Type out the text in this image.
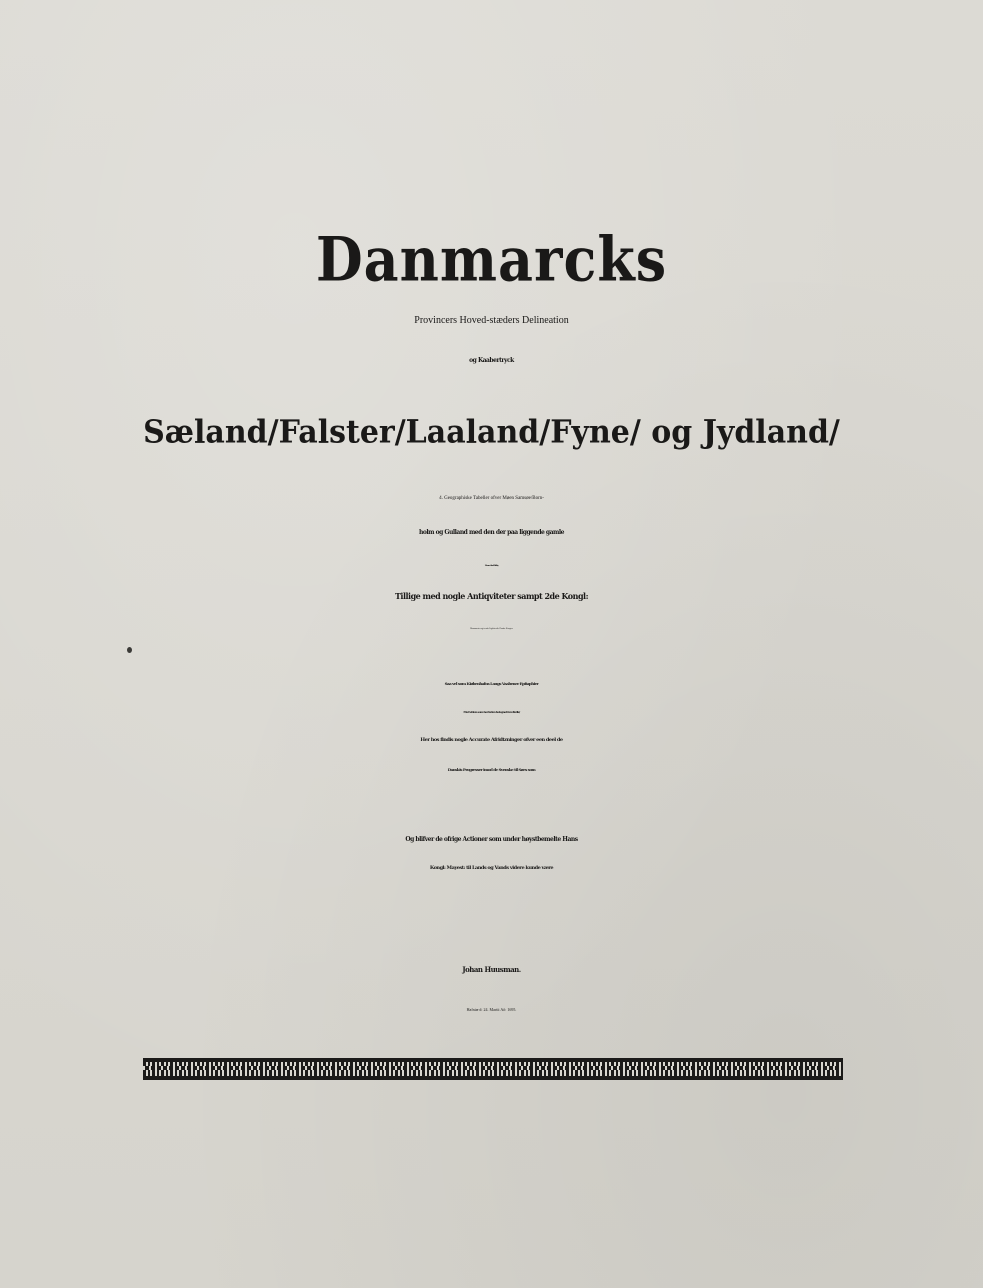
Danmarcks
Provincers Hoved-stæders Delineation
og Kaabertryck
Sæland/Falster/Laaland/Fyne/ og Jydland/
4. Geographiske Tabeller ofver Møen Samsøe/Born-
holm og Gulland med den der paa liggende gamle
Hensee-Stad Wißby.
Tillige med nogle Antiqviteter sampt 2de Kongl:
Monumenter og tvende Ligkister/de Danske Kongers
Saa vel som Kiøbenhafns Laugs Vaabener Epitaphier
Med videre som her inden betegnet fore findis/
Her hos findis nogle Accurate Afridtzninger ofver een deel de
Danskis Progresser imod de Svenske til Søes som
Og blifver de ofrige Actioner som under høystbemelte Hans
Kongl: Mayest: til Lands og Vands videre kunde være
Johan Huusman.
Hafniæ d: 24. Martii Aō: 1695.
